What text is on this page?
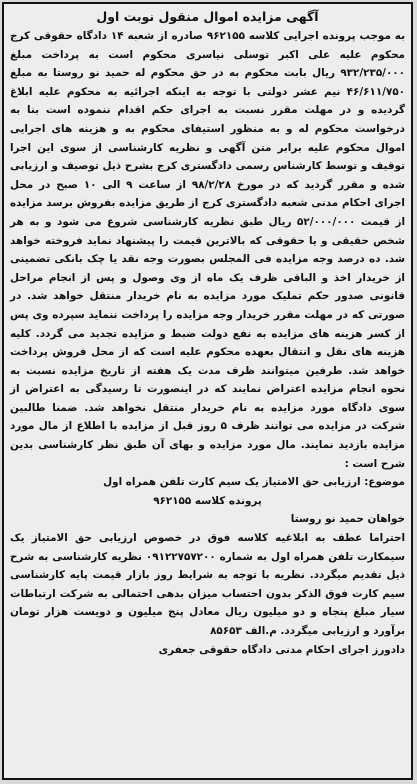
آگهی مزایده اموال منقول نوبت اول

به موجب پرونده اجرایی کلاسه ۹۶۲۱۵۵ صادره از شعبه ۱۴ دادگاه حقوقی کرج محکوم علیه علی اکبر توسلی نیاسری محکوم است به پرداخت مبلغ ۹۳۲/۲۳۵/۰۰۰ ریال بابت محکوم به در حق محکوم له حمید نو روستا به مبلغ ۴۶/۶۱۱/۷۵۰ نیم عشر دولتی با توجه به اینکه اجرائیه به محکوم علیه ابلاغ گردیده و در مهلت مقرر نسبت به اجرای حکم اقدام ننموده است بنا به درخواست محکوم له و به منظور استیفای محکوم به و هزینه های اجرایی اموال محکوم علیه برابر متن آگهی و نظریه کارشناسی از سوی این اجرا توقیف و توسط کارشناس رسمی دادگستری کرج بشرح ذیل توصیف و ارزیابی شده و مقرر گردید که در مورخ ۹۸/۲/۲۸ از ساعت ۹ الی ۱۰ صبح در محل اجرای احکام مدنی شعبه دادگستری کرج از طریق مزایده بفروش برسد مزایده از قیمت ۵۲/۰۰۰/۰۰۰ ریال طبق نظریه کارشناسی شروع می شود و به هر شخص حقیقی و یا حقوقی که بالاترین قیمت را پیشنهاد نماید فروخته خواهد شد. ده درصد وجه مزایده فی المجلس بصورت وجه نقد یا چک بانکی تضمینی از خریدار اخذ و الباقی ظرف یک ماه از وی وصول و پس از انجام مراحل قانونی صدور حکم تملیک مورد مزایده به نام خریدار منتقل خواهد شد. در صورتی که در مهلت مقرر خریدار وجه مزایده را پرداخت ننماید سپرده وی پس از کسر هزینه های مزایده به نفع دولت ضبط و مزایده تجدید می گردد. کلیه هزینه های نقل و انتقال بعهده محکوم علیه است که از محل فروش پرداخت خواهد شد. طرفین میتوانند ظرف مدت یک هفته از تاریخ مزایده نسبت به نحوه انجام مزایده اعتراض نمایند که در اینصورت تا رسیدگی به اعتراض از سوی دادگاه مورد مزایده به نام خریدار منتقل نخواهد شد. ضمنا طالبین شرکت در مزایده می توانند ظرف ۵ روز قبل از مزایده با اطلاع از مال مورد مزایده بازدید نمایند. مال مورد مزایده و بهای آن طبق نظر کارشناسی بدین شرح است :

موضوع: ارزیابی حق الامتیاز یک سیم کارت تلفن همراه اول
پرونده کلاسه ۹۶۲۱۵۵
خواهان حمید نو روستا

احتراما عطف به ابلاغیه کلاسه فوق در خصوص ارزیابی حق الامتیاز یک سیمکارت تلفن همراه اول به شماره ۰۹۱۲۲۷۵۷۲۰۰ نظریه کارشناسی به شرح ذیل تقدیم میگردد. نظریه با توجه به شرایط روز بازار قیمت پایه کارشناسی سیم کارت فوق الذکر بدون احتساب میزان بدهی احتمالی به شرکت ارتباطات سیار مبلغ پنجاه و دو میلیون ریال معادل پنج میلیون و دویست هزار تومان برآورد و ارزیابی میگردد. م.الف ۸۵۶۵۳

دادورز اجرای احکام مدنی دادگاه حقوقی جعفری
